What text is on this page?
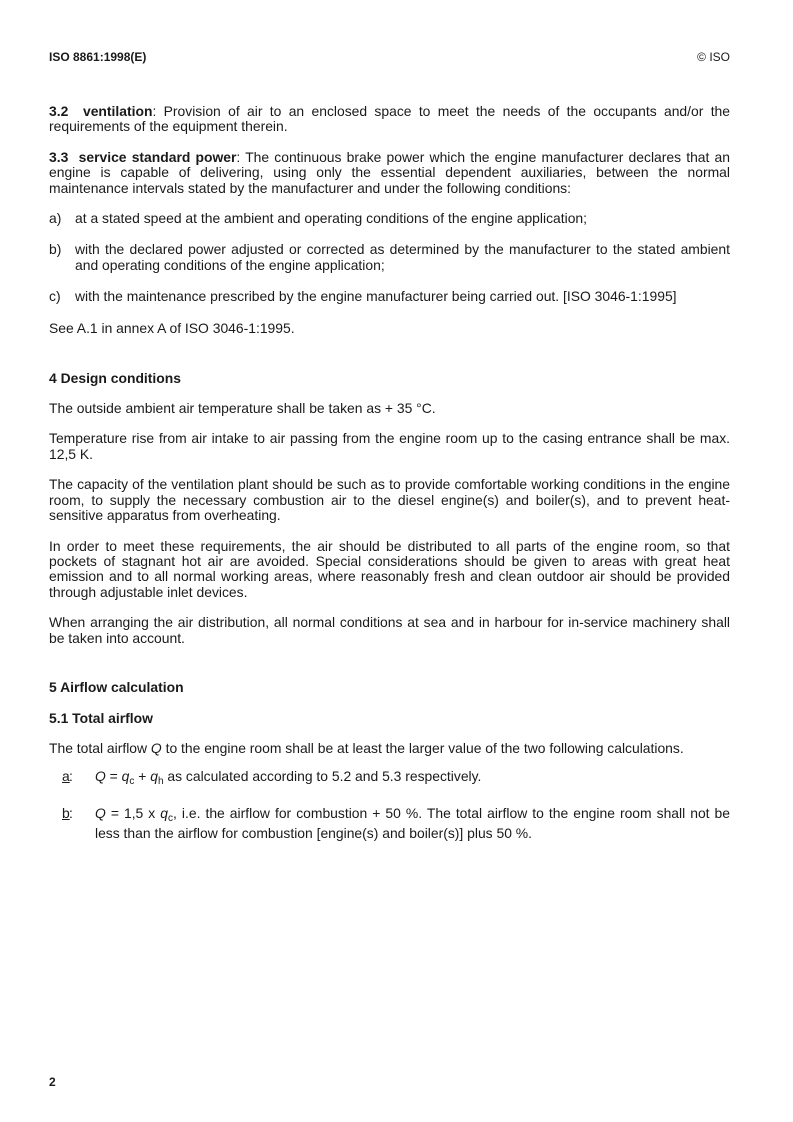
ISO 8861:1998(E)	© ISO

3.2 ventilation: Provision of air to an enclosed space to meet the needs of the occupants and/or the requirements of the equipment therein.

3.3 service standard power: The continuous brake power which the engine manufacturer declares that an engine is capable of delivering, using only the essential dependent auxiliaries, between the normal maintenance intervals stated by the manufacturer and under the following conditions:

a) at a stated speed at the ambient and operating conditions of the engine application;
b) with the declared power adjusted or corrected as determined by the manufacturer to the stated ambient and operating conditions of the engine application;
c) with the maintenance prescribed by the engine manufacturer being carried out. [ISO 3046-1:1995]

See A.1 in annex A of ISO 3046-1:1995.

4 Design conditions

The outside ambient air temperature shall be taken as + 35 °C.

Temperature rise from air intake to air passing from the engine room up to the casing entrance shall be max. 12,5 K.

The capacity of the ventilation plant should be such as to provide comfortable working conditions in the engine room, to supply the necessary combustion air to the diesel engine(s) and boiler(s), and to prevent heat-sensitive apparatus from overheating.

In order to meet these requirements, the air should be distributed to all parts of the engine room, so that pockets of stagnant hot air are avoided. Special considerations should be given to areas with great heat emission and to all normal working areas, where reasonably fresh and clean outdoor air should be provided through adjustable inlet devices.

When arranging the air distribution, all normal conditions at sea and in harbour for in-service machinery shall be taken into account.

5 Airflow calculation
5.1 Total airflow

The total airflow Q to the engine room shall be at least the larger value of the two following calculations.

a : $Q = q_c + q_h$ as calculated according to 5.2 and 5.3 respectively.
b : Q = 1,5 x $q_c$, i.e. the airflow for combustion + 50 %. The total airflow to the engine room shall not be less than the airflow for combustion [engine(s) and boiler(s)] plus 50 %.
2
